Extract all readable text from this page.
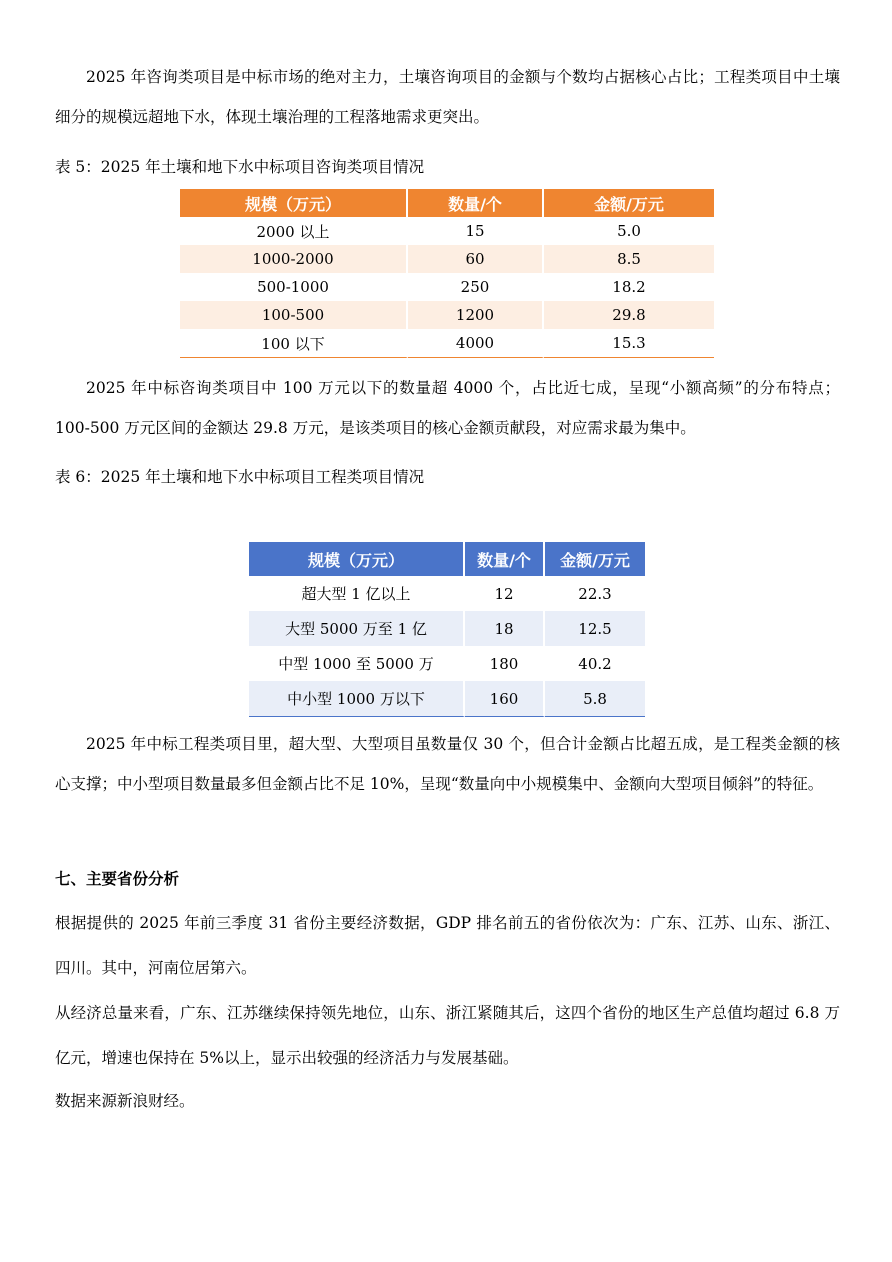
2025 年咨询类项目是中标市场的绝对主力，土壤咨询项目的金额与个数均占据核心占比；工程类项目中土壤细分的规模远超地下水，体现土壤治理的工程落地需求更突出。

表 5：2025 年土壤和地下水中标项目咨询类项目情况

规模（万元）	数量/个	金额/万元
2000 以上	15	5.0
1000-2000	60	8.5
500-1000	250	18.2
100-500	1200	29.8
100 以下	4000	15.3

2025 年中标咨询类项目中 100 万元以下的数量超 4000 个，占比近七成，呈现“小额高频”的分布特点；100-500 万元区间的金额达 29.8 万元，是该类项目的核心金额贡献段，对应需求最为集中。

表 6：2025 年土壤和地下水中标项目工程类项目情况

规模（万元）	数量/个	金额/万元
超大型 1 亿以上	12	22.3
大型 5000 万至 1 亿	18	12.5
中型 1000 至 5000 万	180	40.2
中小型 1000 万以下	160	5.8

2025 年中标工程类项目里，超大型、大型项目虽数量仅 30 个，但合计金额占比超五成，是工程类金额的核心支撑；中小型项目数量最多但金额占比不足 10%，呈现“数量向中小规模集中、金额向大型项目倾斜”的特征。

七、主要省份分析

根据提供的 2025 年前三季度 31 省份主要经济数据，GDP 排名前五的省份依次为：广东、江苏、山东、浙江、四川。其中，河南位居第六。

从经济总量来看，广东、江苏继续保持领先地位，山东、浙江紧随其后，这四个省份的地区生产总值均超过 6.8 万亿元，增速也保持在 5%以上，显示出较强的经济活力与发展基础。

数据来源新浪财经。
